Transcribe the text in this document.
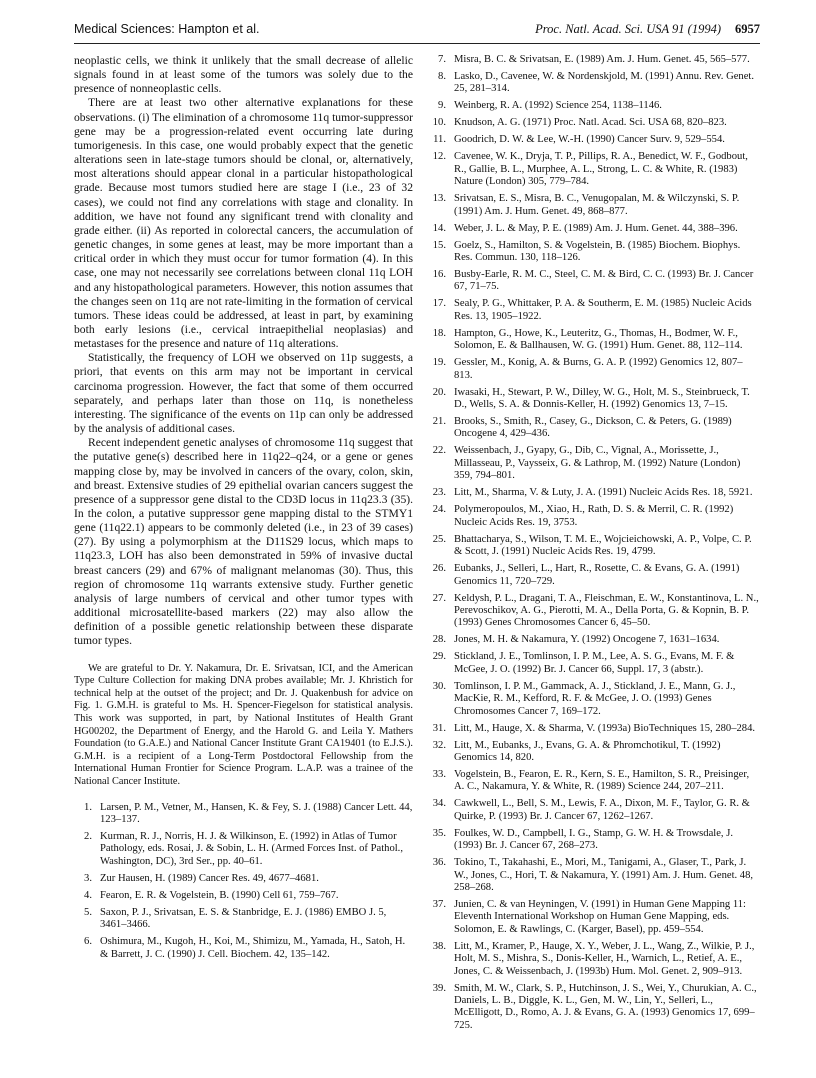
Medical Sciences: Hampton et al.	Proc. Natl. Acad. Sci. USA 91 (1994) 6957

neoplastic cells, we think it unlikely that the small decrease of allelic signals found in at least some of the tumors was solely due to the presence of nonneoplastic cells.

There are at least two other alternative explanations for these observations. (i) The elimination of a chromosome 11q tumor-suppressor gene may be a progression-related event occurring late during tumorigenesis. In this case, one would probably expect that the genetic alterations seen in late-stage tumors should be clonal, or, alternatively, most alterations should appear clonal in a particular histopathological grade. Because most tumors studied here are stage I (i.e., 23 of 32 cases), we could not find any correlations with stage and clonality. In addition, we have not found any significant trend with clonality and grade either. (ii) As reported in colorectal cancers, the accumulation of genetic changes, in some genes at least, may be more important than a critical order in which they must occur for tumor formation (4). In this case, one may not necessarily see correlations between clonal 11q LOH and any histopathological parameters. However, this notion assumes that the changes seen on 11q are not rate-limiting in the formation of cervical tumors. These ideas could be addressed, at least in part, by examining both early lesions (i.e., cervical intraepithelial neoplasias) and metastases for the presence and nature of 11q alterations.

Statistically, the frequency of LOH we observed on 11p suggests, a priori, that events on this arm may not be important in cervical carcinoma progression. However, the fact that some of them occurred separately, and perhaps later than those on 11q, is nonetheless interesting. The significance of the events on 11p can only be addressed by the analysis of additional cases.

Recent independent genetic analyses of chromosome 11q suggest that the putative gene(s) described here in 11q22–q24, or a gene or genes mapping close by, may be involved in cancers of the ovary, colon, skin, and breast. Extensive studies of 29 epithelial ovarian cancers suggest the presence of a suppressor gene distal to the CD3D locus in 11q23.3 (35). In the colon, a putative suppressor gene mapping distal to the STMY1 gene (11q22.1) appears to be commonly deleted (i.e., in 23 of 39 cases) (27). By using a polymorphism at the D11S29 locus, which maps to 11q23.3, LOH has also been demonstrated in 59% of invasive ductal breast cancers (29) and 67% of malignant melanomas (30). Thus, this region of chromosome 11q warrants extensive study. Further genetic analysis of large numbers of cervical and other tumor types with additional microsatellite-based markers (22) may also allow the definition of a possible genetic relationship between these disparate tumor types.

We are grateful to Dr. Y. Nakamura, Dr. E. Srivatsan, ICI, and the American Type Culture Collection for making DNA probes available; Mr. J. Khristich for technical help at the outset of the project; and Dr. J. Quakenbush for advice on Fig. 1. G.M.H. is grateful to Ms. H. Spencer-Fiegelson for statistical analysis. This work was supported, in part, by National Institutes of Health Grant HG00202, the Department of Energy, and the Harold G. and Leila Y. Mathers Foundation (to G.A.E.) and National Cancer Institute Grant CA19401 (to E.J.S.). G.M.H. is a recipient of a Long-Term Postdoctoral Fellowship from the International Human Frontier for Science Program. L.A.P. was a trainee of the National Cancer Institute.

1. Larsen, P. M., Vetner, M., Hansen, K. & Fey, S. J. (1988) Cancer Lett. 44, 123–137.
2. Kurman, R. J., Norris, H. J. & Wilkinson, E. (1992) in Atlas of Tumor Pathology, eds. Rosai, J. & Sobin, L. H. (Armed Forces Inst. of Pathol., Washington, DC), 3rd Ser., pp. 40–61.
3. Zur Hausen, H. (1989) Cancer Res. 49, 4677–4681.
4. Fearon, E. R. & Vogelstein, B. (1990) Cell 61, 759–767.
5. Saxon, P. J., Srivatsan, E. S. & Stanbridge, E. J. (1986) EMBO J. 5, 3461–3466.
6. Oshimura, M., Kugoh, H., Koi, M., Shimizu, M., Yamada, H., Satoh, H. & Barrett, J. C. (1990) J. Cell. Biochem. 42, 135–142.
7. Misra, B. C. & Srivatsan, E. (1989) Am. J. Hum. Genet. 45, 565–577.
8. Lasko, D., Cavenee, W. & Nordenskjold, M. (1991) Annu. Rev. Genet. 25, 281–314.
9. Weinberg, R. A. (1992) Science 254, 1138–1146.
10. Knudson, A. G. (1971) Proc. Natl. Acad. Sci. USA 68, 820–823.
11. Goodrich, D. W. & Lee, W.-H. (1990) Cancer Surv. 9, 529–554.
12. Cavenee, W. K., Dryja, T. P., Pillips, R. A., Benedict, W. F., Godbout, R., Gallie, B. L., Murphee, A. L., Strong, L. C. & White, R. (1983) Nature (London) 305, 779–784.
13. Srivatsan, E. S., Misra, B. C., Venugopalan, M. & Wilczynski, S. P. (1991) Am. J. Hum. Genet. 49, 868–877.
14. Weber, J. L. & May, P. E. (1989) Am. J. Hum. Genet. 44, 388–396.
15. Goelz, S., Hamilton, S. & Vogelstein, B. (1985) Biochem. Biophys. Res. Commun. 130, 118–126.
16. Busby-Earle, R. M. C., Steel, C. M. & Bird, C. C. (1993) Br. J. Cancer 67, 71–75.
17. Sealy, P. G., Whittaker, P. A. & Southerm, E. M. (1985) Nucleic Acids Res. 13, 1905–1922.
18. Hampton, G., Howe, K., Leuteritz, G., Thomas, H., Bodmer, W. F., Solomon, E. & Ballhausen, W. G. (1991) Hum. Genet. 88, 112–114.
19. Gessler, M., Konig, A. & Burns, G. A. P. (1992) Genomics 12, 807–813.
20. Iwasaki, H., Stewart, P. W., Dilley, W. G., Holt, M. S., Steinbrueck, T. D., Wells, S. A. & Donnis-Keller, H. (1992) Genomics 13, 7–15.
21. Brooks, S., Smith, R., Casey, G., Dickson, C. & Peters, G. (1989) Oncogene 4, 429–436.
22. Weissenbach, J., Gyapy, G., Dib, C., Vignal, A., Morissette, J., Millasseau, P., Vaysseix, G. & Lathrop, M. (1992) Nature (London) 359, 794–801.
23. Litt, M., Sharma, V. & Luty, J. A. (1991) Nucleic Acids Res. 18, 5921.
24. Polymeropoulos, M., Xiao, H., Rath, D. S. & Merril, C. R. (1992) Nucleic Acids Res. 19, 3753.
25. Bhattacharya, S., Wilson, T. M. E., Wojcieichowski, A. P., Volpe, C. P. & Scott, J. (1991) Nucleic Acids Res. 19, 4799.
26. Eubanks, J., Selleri, L., Hart, R., Rosette, C. & Evans, G. A. (1991) Genomics 11, 720–729.
27. Keldysh, P. L., Dragani, T. A., Fleischman, E. W., Konstantinova, L. N., Perevoschikov, A. G., Pierotti, M. A., Della Porta, G. & Kopnin, B. P. (1993) Genes Chromosomes Cancer 6, 45–50.
28. Jones, M. H. & Nakamura, Y. (1992) Oncogene 7, 1631–1634.
29. Stickland, J. E., Tomlinson, I. P. M., Lee, A. S. G., Evans, M. F. & McGee, J. O. (1992) Br. J. Cancer 66, Suppl. 17, 3 (abstr.).
30. Tomlinson, I. P. M., Gammack, A. J., Stickland, J. E., Mann, G. J., MacKie, R. M., Kefford, R. F. & McGee, J. O. (1993) Genes Chromosomes Cancer 7, 169–172.
31. Litt, M., Hauge, X. & Sharma, V. (1993a) BioTechniques 15, 280–284.
32. Litt, M., Eubanks, J., Evans, G. A. & Phromchotikul, T. (1992) Genomics 14, 820.
33. Vogelstein, B., Fearon, E. R., Kern, S. E., Hamilton, S. R., Preisinger, A. C., Nakamura, Y. & White, R. (1989) Science 244, 207–211.
34. Cawkwell, L., Bell, S. M., Lewis, F. A., Dixon, M. F., Taylor, G. R. & Quirke, P. (1993) Br. J. Cancer 67, 1262–1267.
35. Foulkes, W. D., Campbell, I. G., Stamp, G. W. H. & Trowsdale, J. (1993) Br. J. Cancer 67, 268–273.
36. Tokino, T., Takahashi, E., Mori, M., Tanigami, A., Glaser, T., Park, J. W., Jones, C., Hori, T. & Nakamura, Y. (1991) Am. J. Hum. Genet. 48, 258–268.
37. Junien, C. & van Heyningen, V. (1991) in Human Gene Mapping 11: Eleventh International Workshop on Human Gene Mapping, eds. Solomon, E. & Rawlings, C. (Karger, Basel), pp. 459–554.
38. Litt, M., Kramer, P., Hauge, X. Y., Weber, J. L., Wang, Z., Wilkie, P. J., Holt, M. S., Mishra, S., Donis-Keller, H., Warnich, L., Retief, A. E., Jones, C. & Weissenbach, J. (1993b) Hum. Mol. Genet. 2, 909–913.
39. Smith, M. W., Clark, S. P., Hutchinson, J. S., Wei, Y., Churukian, A. C., Daniels, L. B., Diggle, K. L., Gen, M. W., Lin, Y., Selleri, L., McElligott, D., Romo, A. J. & Evans, G. A. (1993) Genomics 17, 699–725.
